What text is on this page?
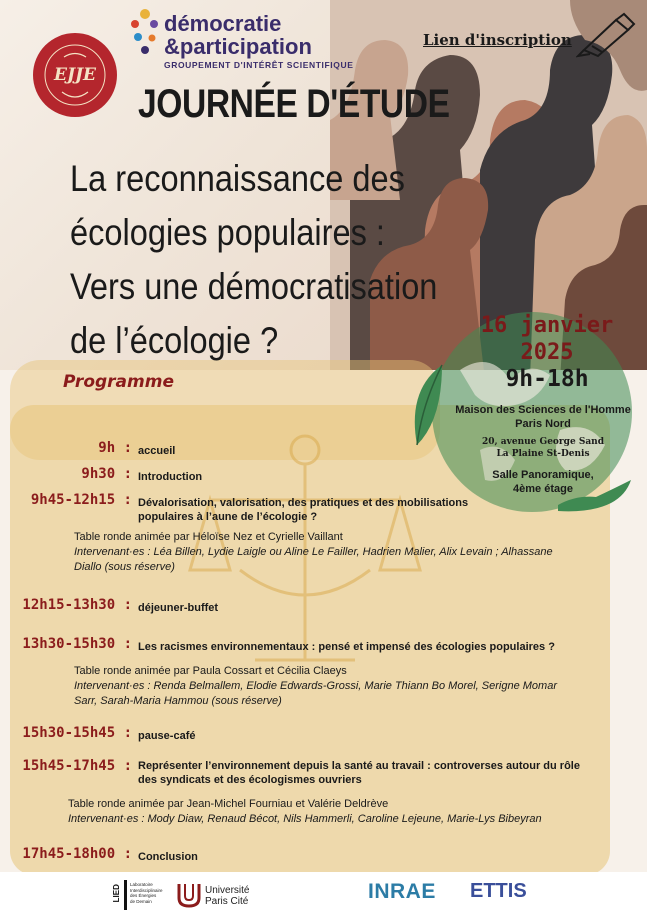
démocratie
&participation
GROUPEMENT D'INTÉRÊT SCIENTIFIQUE
EJJE
Lien d'inscription
JOURNÉE D'ÉTUDE
La reconnaissance des
écologies populaires :
Vers une démocratisation
de l’écologie ?	16 janvier
2025
9h-18h
Maison des Sciences de l'Homme
Paris Nord
20, avenue George Sand
La Plaine St-Denis
Salle Panoramique,
4ème étage
Programme
9h : accueil
9h30 : Introduction
9h45-12h15 : Dévalorisation, valorisation, des pratiques et des mobilisations
populaires à l’aune de l’écologie ?
Table ronde animée par Héloïse Nez et Cyrielle Vaillant
Intervenant·es : Léa Billen, Lydie Laigle ou Aline Le Failler, Hadrien Malier, Alix Levain ; Alhassane
Diallo (sous réserve)
12h15-13h30 : déjeuner-buffet
13h30-15h30 : Les racismes environnementaux : pensé et impensé des écologies populaires ?
Table ronde animée par Paula Cossart et Cécilia Claeys
Intervenant·es : Renda Belmallem, Elodie Edwards-Grossi, Marie Thiann Bo Morel, Serigne Momar
Sarr, Sarah-Maria Hammou (sous réserve)
15h30-15h45 : pause-café
15h45-17h45 : Représenter l’environnement depuis la santé au travail : controverses autour du rôle
des syndicats et des écologismes ouvriers
Table ronde animée par Jean-Michel Fourniau et Valérie Deldrève
Intervenant·es : Mody Diaw, Renaud Bécot, Nils Hammerli, Caroline Lejeune, Marie-Lys Bibeyran
17h45-18h00 : Conclusion
LIED Laboratoire
Interdisciplinaire
des Énergies
de Demain
Université
Paris Cité	INRAE ETTIS
